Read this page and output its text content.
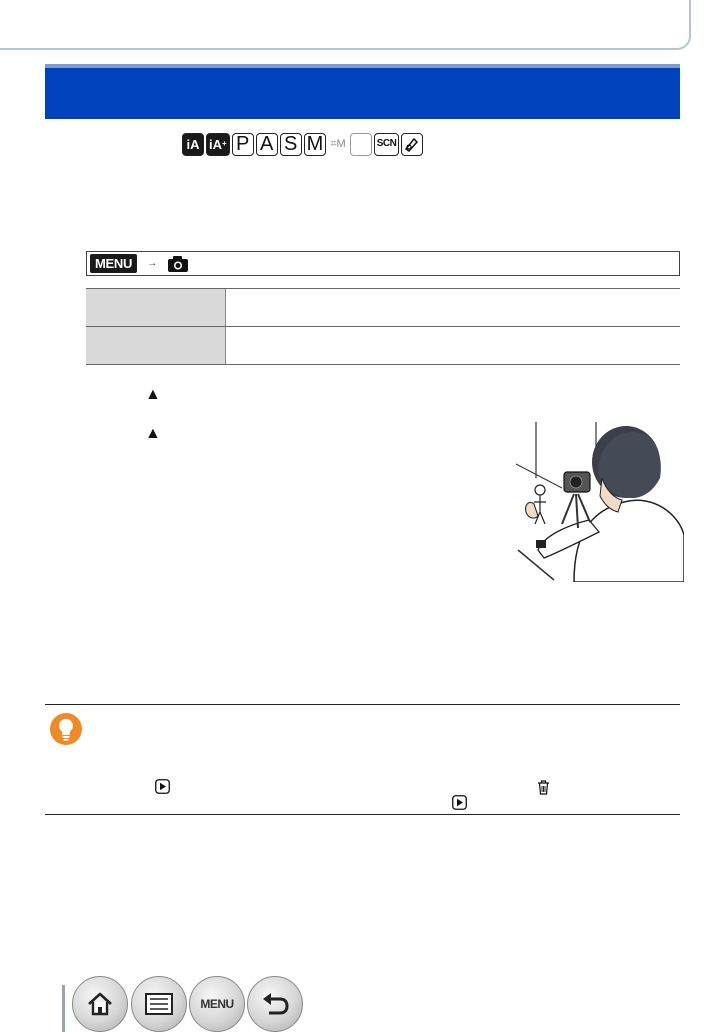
iA iA + P A S M ⌗M	SCN
MENU	→
▲
▲
MENU
